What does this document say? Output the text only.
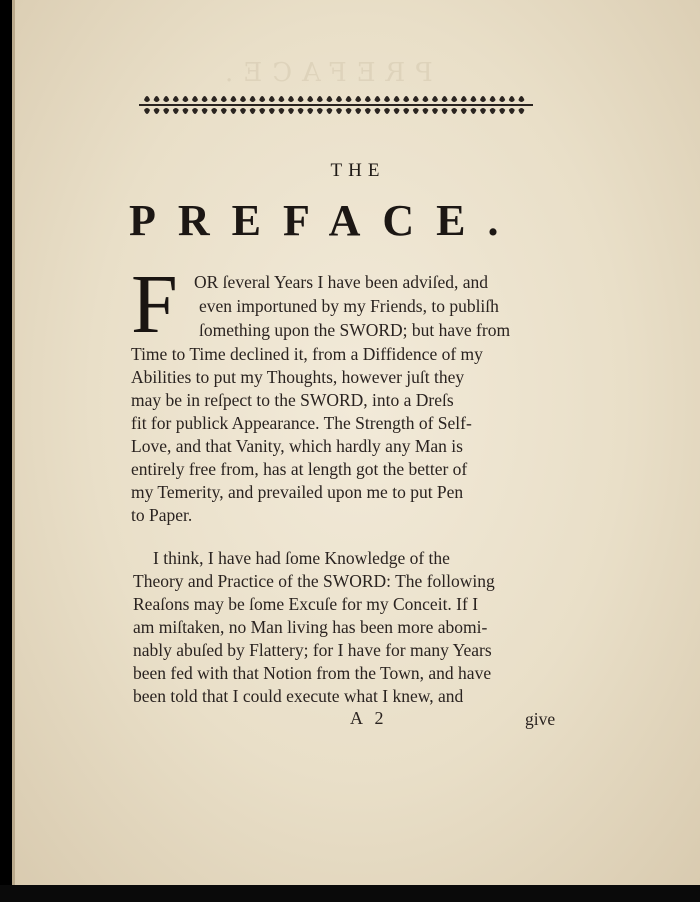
PREFACE.
THE
PREFACE.
F OR ſeveral Years I have been adviſed, and
even importuned by my Friends, to publiſh
ſomething upon the SWORD; but have from
Time to Time declined it, from a Diffidence of my
Abilities to put my Thoughts, however juſt they
may be in reſpect to the SWORD, into a Dreſs
fit for publick Appearance. The Strength of Self-
Love, and that Vanity, which hardly any Man is
entirely free from, has at length got the better of
my Temerity, and prevailed upon me to put Pen
to Paper.
I think, I have had ſome Knowledge of the
Theory and Practice of the SWORD: The following
Reaſons may be ſome Excuſe for my Conceit. If I
am miſtaken, no Man living has been more abomi-
nably abuſed by Flattery; for I have for many Years
been fed with that Notion from the Town, and have
been told that I could execute what I knew, and
A 2	give
